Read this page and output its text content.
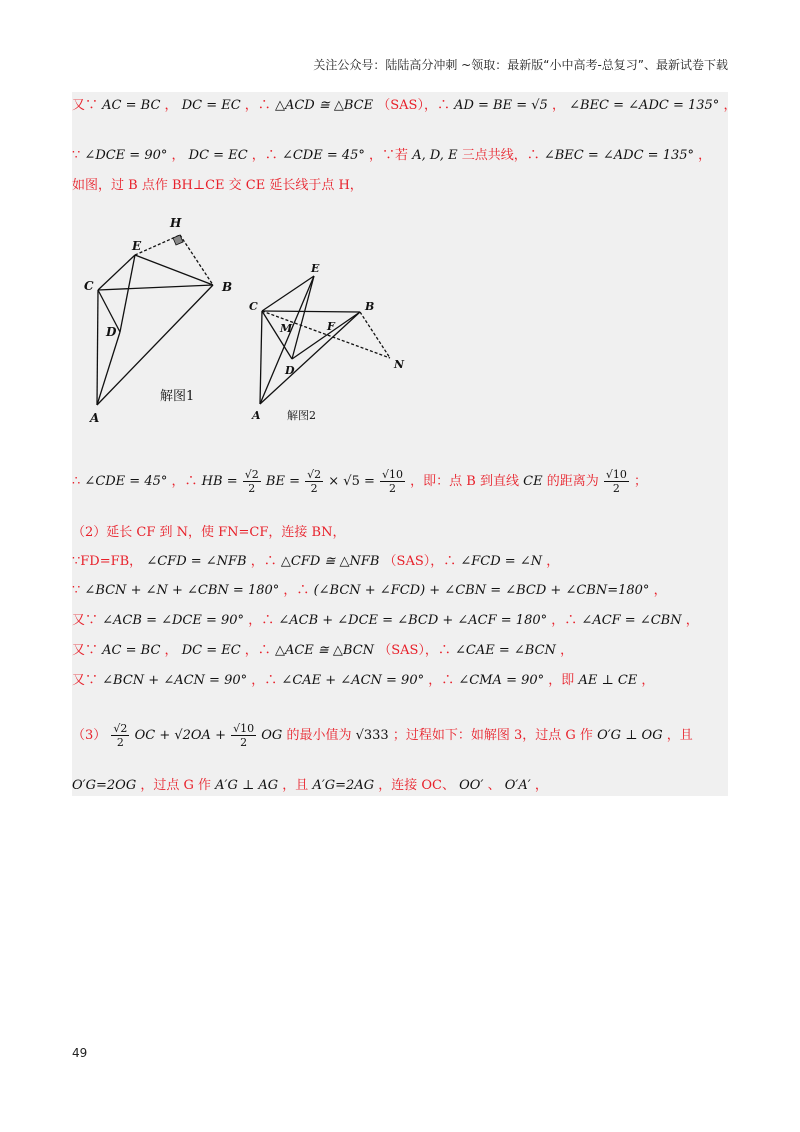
关注公众号：陆陆高分冲刺 ~领取：最新版“小中高考-总复习”、最新试卷下载
又∵ AC = BC ， DC = EC ，∴ △ACD ≅ △BCE （SAS），∴ AD = BE = √5 ， ∠BEC = ∠ADC = 135° ，
∵ ∠DCE = 90° ， DC = EC ，∴ ∠CDE = 45° ，∵若 A, D, E 三点共线，∴ ∠BEC = ∠ADC = 135° ，
如图，过 B 点作 BH⊥CE 交 CE 延长线于点 H，
H
E
C	B
D
A
解图1
E
C	B
M	F
D	N
A 解图2
∴ ∠CDE = 45° ，∴ HB = $\frac{√2}{2}$ BE = $\frac{√2}{2} \times √5 = \frac{√10}{2}$ ，即：点 B 到直线 CE 的距离为 $\frac{√10}{2}$ ；
（2）延长 CF 到 N，使 FN=CF，连接 BN，
∵FD=FB， ∠CFD = ∠NFB ，∴ △CFD ≅ △NFB （SAS），∴ ∠FCD = ∠N ，
∵ ∠BCN + ∠N + ∠CBN = 180° ，∴ (∠BCN + ∠FCD) + ∠CBN = ∠BCD + ∠CBN=180° ，
又∵ ∠ACB = ∠DCE = 90° ，∴ ∠ACB + ∠DCE = ∠BCD + ∠ACF = 180° ，∴ ∠ACF = ∠CBN ，
又∵ AC = BC ， DC = EC ，∴ △ACE ≅ △BCN （SAS），∴ ∠CAE = ∠BCN ，
又∵ ∠BCN + ∠ACN = 90° ，∴ ∠CAE + ∠ACN = 90° ，∴ ∠CMA = 90° ，即 AE ⊥ CE ，
$(3) \frac{√2}{2}$ OC + $√2OA + \frac{√10}{2}$ OG 的最小值为 √333 ；过程如下：如解图 3，过点 G 作 O′G ⊥ OG ，且
O′G=2OG ，过点 G 作 A′G ⊥ AG ，且 A′G=2AG ，连接 OC、 OO′ 、 O′A′ ，
49
